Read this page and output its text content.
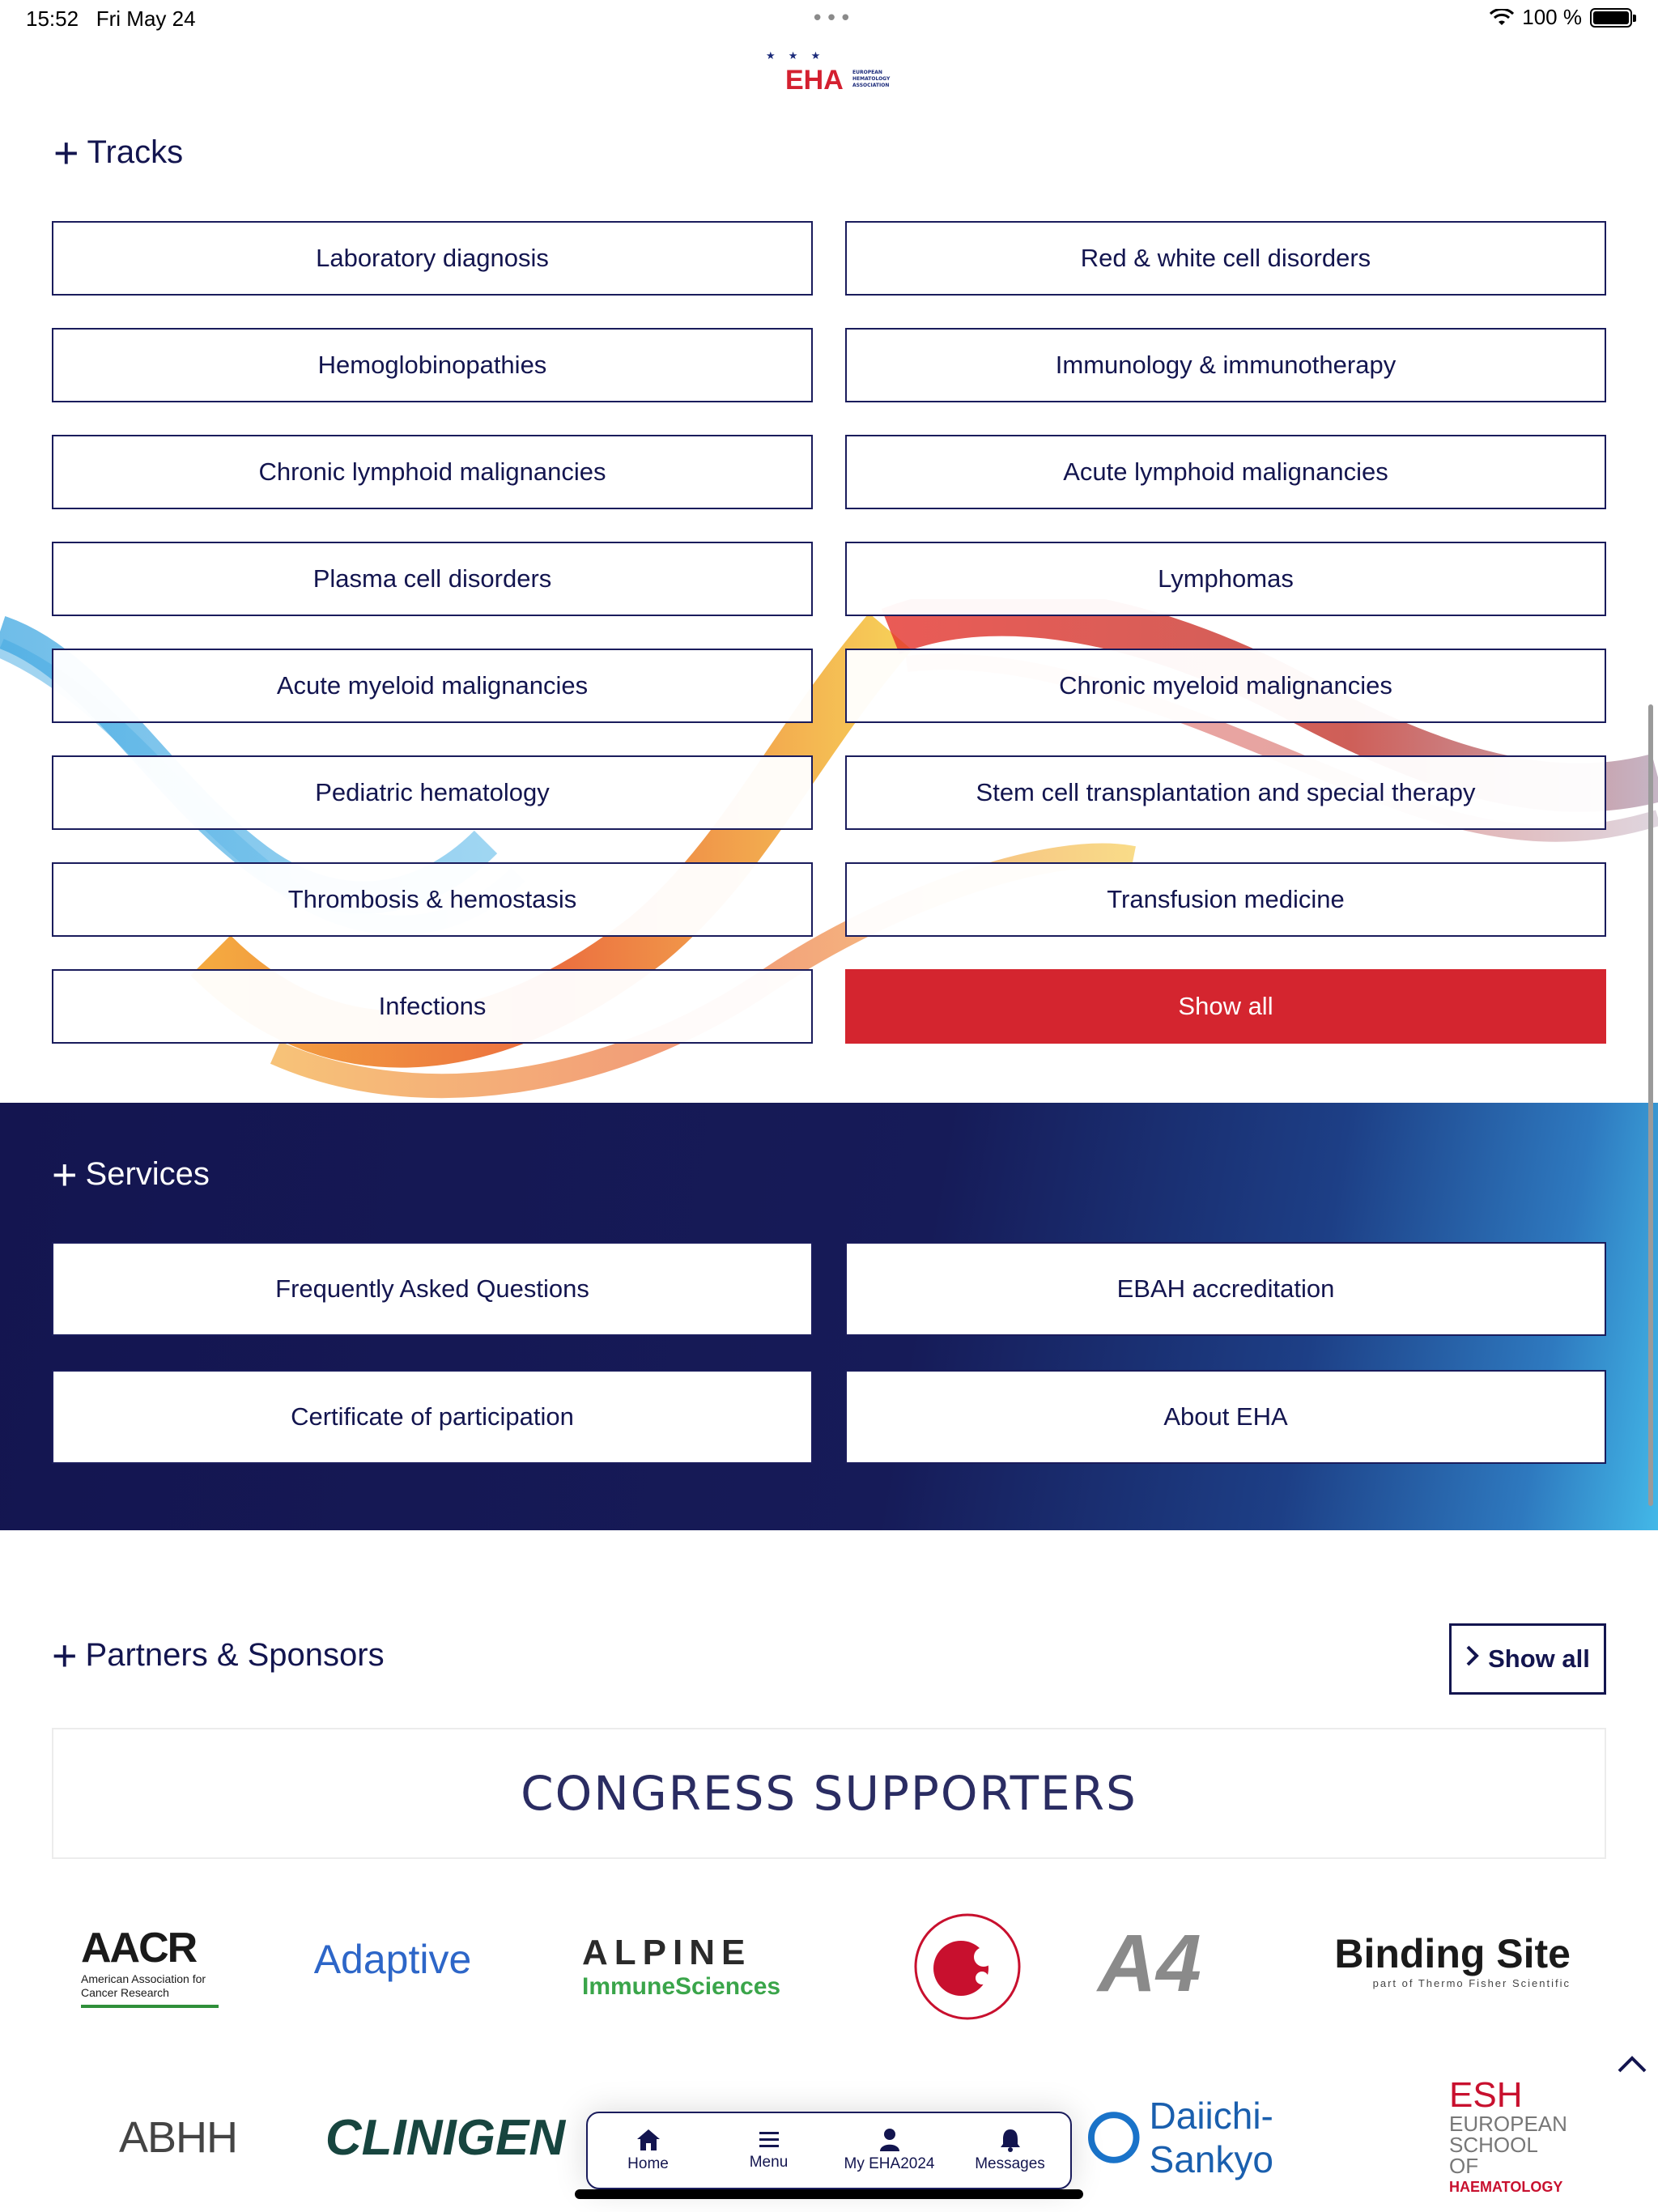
15:52 Fri May 24	•••	100 %
★ ★ ★
EHA EUROPEAN HEMATOLOGY ASSOCIATION
+ Tracks
Laboratory diagnosis	Red & white cell disorders
Hemoglobinopathies	Immunology & immunotherapy
Chronic lymphoid malignancies	Acute lymphoid malignancies
Plasma cell disorders	Lymphomas
Acute myeloid malignancies	Chronic myeloid malignancies
Pediatric hematology	Stem cell transplantation and special therapy
Thrombosis & hemostasis	Transfusion medicine
Infections	Show all
+ Services
Frequently Asked Questions	EBAH accreditation
Certificate of participation	About EHA
+ Partners & Sponsors	Show all
CONGRESS SUPPORTERS
AACR
American Association for Cancer Research
Adaptive	ALPINE
ImmuneSciences	A4	Binding Site
part of Thermo Fisher Scientific
ABHH	CLINIGEN	Daiichi-Sankyo
ESH
EUROPEAN
SCHOOL OF
HAEMATOLOGY
Home	Menu	My EHA2024	Messages
